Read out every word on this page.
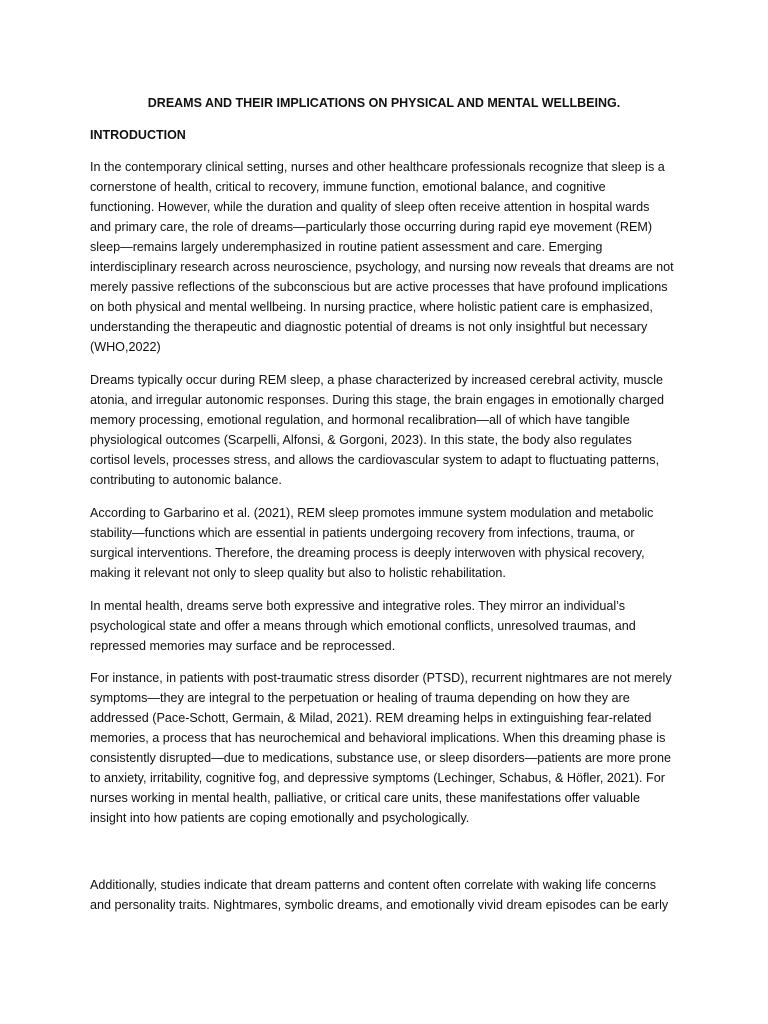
DREAMS AND THEIR IMPLICATIONS ON PHYSICAL AND MENTAL WELLBEING.
INTRODUCTION

In the contemporary clinical setting, nurses and other healthcare professionals recognize that sleep is a
cornerstone of health, critical to recovery, immune function, emotional balance, and cognitive
functioning. However, while the duration and quality of sleep often receive attention in hospital wards
and primary care, the role of dreams—particularly those occurring during rapid eye movement (REM)
sleep—remains largely underemphasized in routine patient assessment and care. Emerging
interdisciplinary research across neuroscience, psychology, and nursing now reveals that dreams are not
merely passive reflections of the subconscious but are active processes that have profound implications
on both physical and mental wellbeing. In nursing practice, where holistic patient care is emphasized,
understanding the therapeutic and diagnostic potential of dreams is not only insightful but necessary
(WHO,2022)

Dreams typically occur during REM sleep, a phase characterized by increased cerebral activity, muscle
atonia, and irregular autonomic responses. During this stage, the brain engages in emotionally charged
memory processing, emotional regulation, and hormonal recalibration—all of which have tangible
physiological outcomes (Scarpelli, Alfonsi, & Gorgoni, 2023). In this state, the body also regulates
cortisol levels, processes stress, and allows the cardiovascular system to adapt to fluctuating patterns,
contributing to autonomic balance.

According to Garbarino et al. (2021), REM sleep promotes immune system modulation and metabolic
stability—functions which are essential in patients undergoing recovery from infections, trauma, or
surgical interventions. Therefore, the dreaming process is deeply interwoven with physical recovery,
making it relevant not only to sleep quality but also to holistic rehabilitation.

In mental health, dreams serve both expressive and integrative roles. They mirror an individual’s
psychological state and offer a means through which emotional conflicts, unresolved traumas, and
repressed memories may surface and be reprocessed.

For instance, in patients with post-traumatic stress disorder (PTSD), recurrent nightmares are not merely
symptoms—they are integral to the perpetuation or healing of trauma depending on how they are
addressed (Pace-Schott, Germain, & Milad, 2021). REM dreaming helps in extinguishing fear-related
memories, a process that has neurochemical and behavioral implications. When this dreaming phase is
consistently disrupted—due to medications, substance use, or sleep disorders—patients are more prone
to anxiety, irritability, cognitive fog, and depressive symptoms (Lechinger, Schabus, & Höfler, 2021). For
nurses working in mental health, palliative, or critical care units, these manifestations offer valuable
insight into how patients are coping emotionally and psychologically.

Additionally, studies indicate that dream patterns and content often correlate with waking life concerns
and personality traits. Nightmares, symbolic dreams, and emotionally vivid dream episodes can be early
